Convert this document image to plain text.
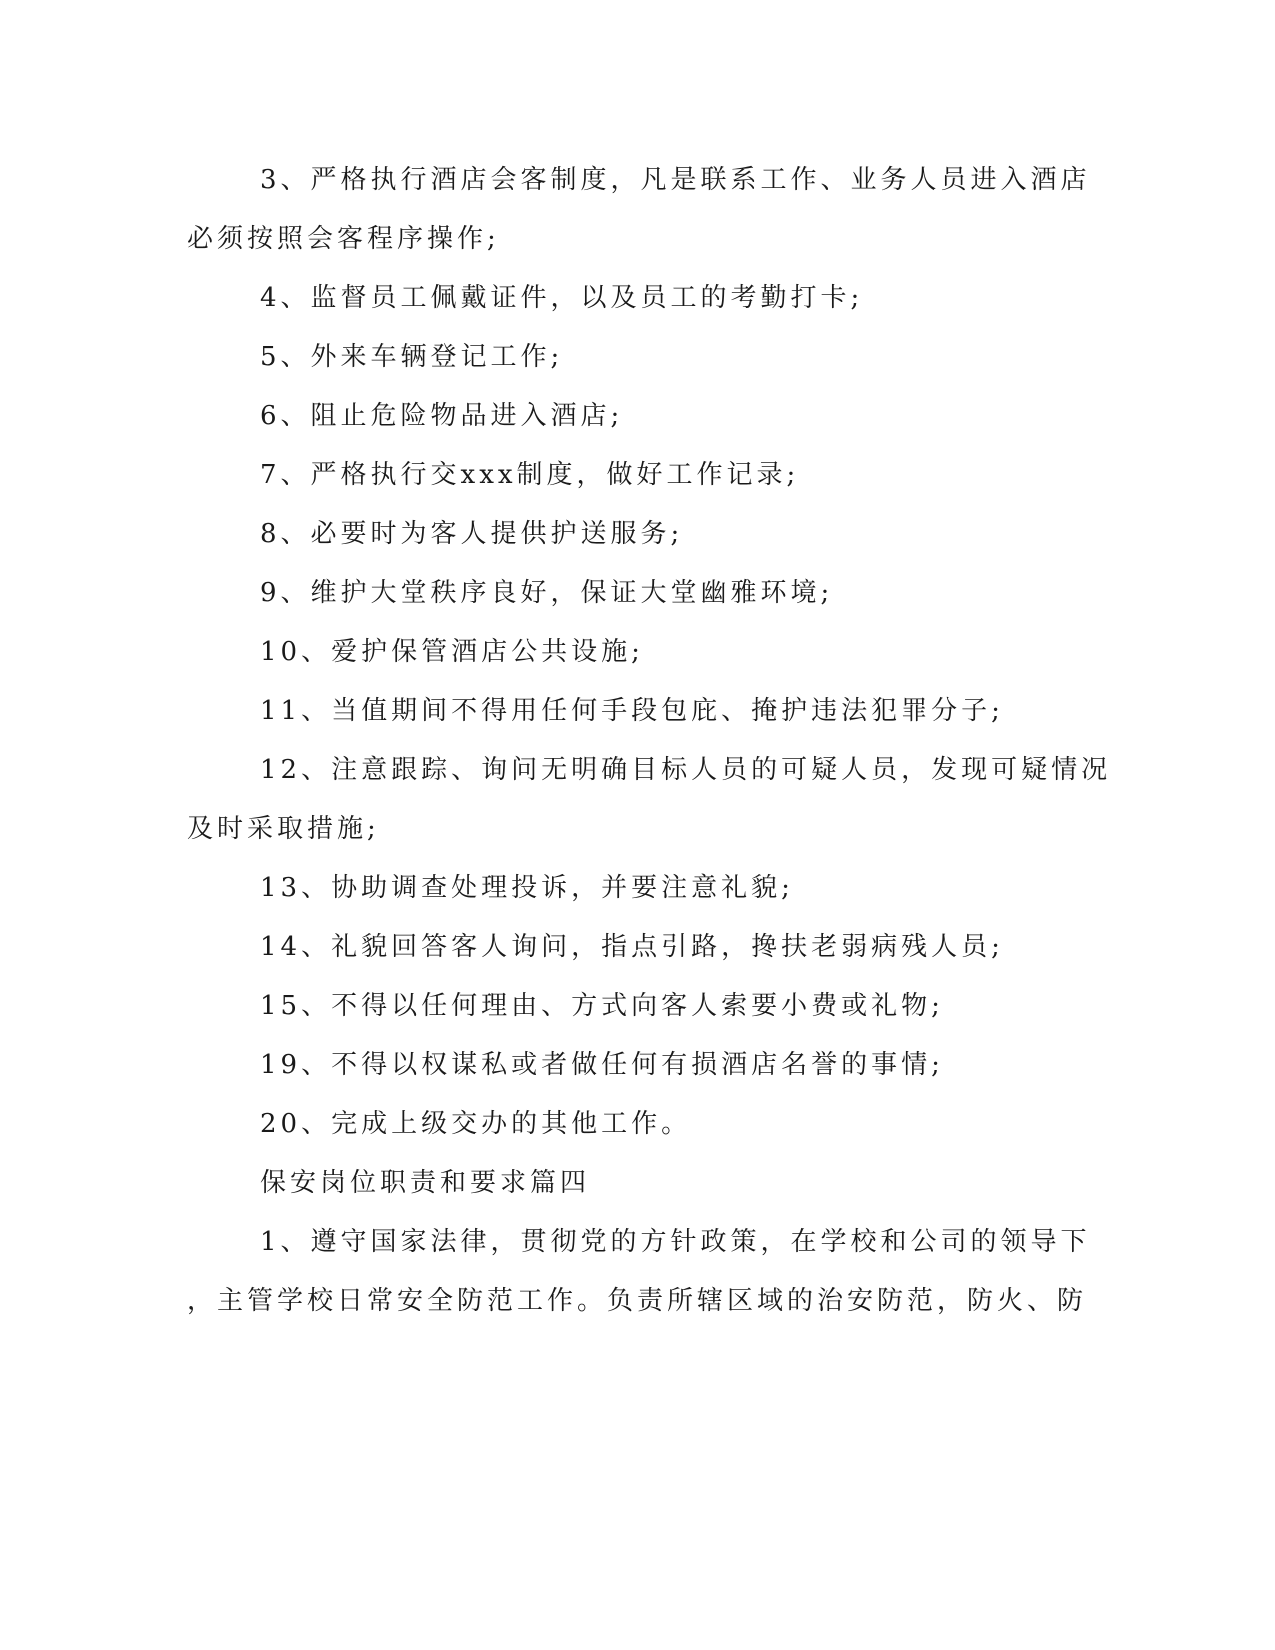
3、严格执行酒店会客制度，凡是联系工作、业务人员进入酒店
必须按照会客程序操作;
4、监督员工佩戴证件，以及员工的考勤打卡;
5、外来车辆登记工作;
6、阻止危险物品进入酒店;
7、严格执行交xxx制度，做好工作记录;
8、必要时为客人提供护送服务;
9、维护大堂秩序良好，保证大堂幽雅环境;
10、爱护保管酒店公共设施;
11、当值期间不得用任何手段包庇、掩护违法犯罪分子;
12、注意跟踪、询问无明确目标人员的可疑人员，发现可疑情况
及时采取措施;
13、协助调查处理投诉，并要注意礼貌;
14、礼貌回答客人询问，指点引路，搀扶老弱病残人员;
15、不得以任何理由、方式向客人索要小费或礼物;
19、不得以权谋私或者做任何有损酒店名誉的事情;
20、完成上级交办的其他工作。
保安岗位职责和要求篇四
1、遵守国家法律，贯彻党的方针政策，在学校和公司的领导下
，主管学校日常安全防范工作。负责所辖区域的治安防范，防火、防
